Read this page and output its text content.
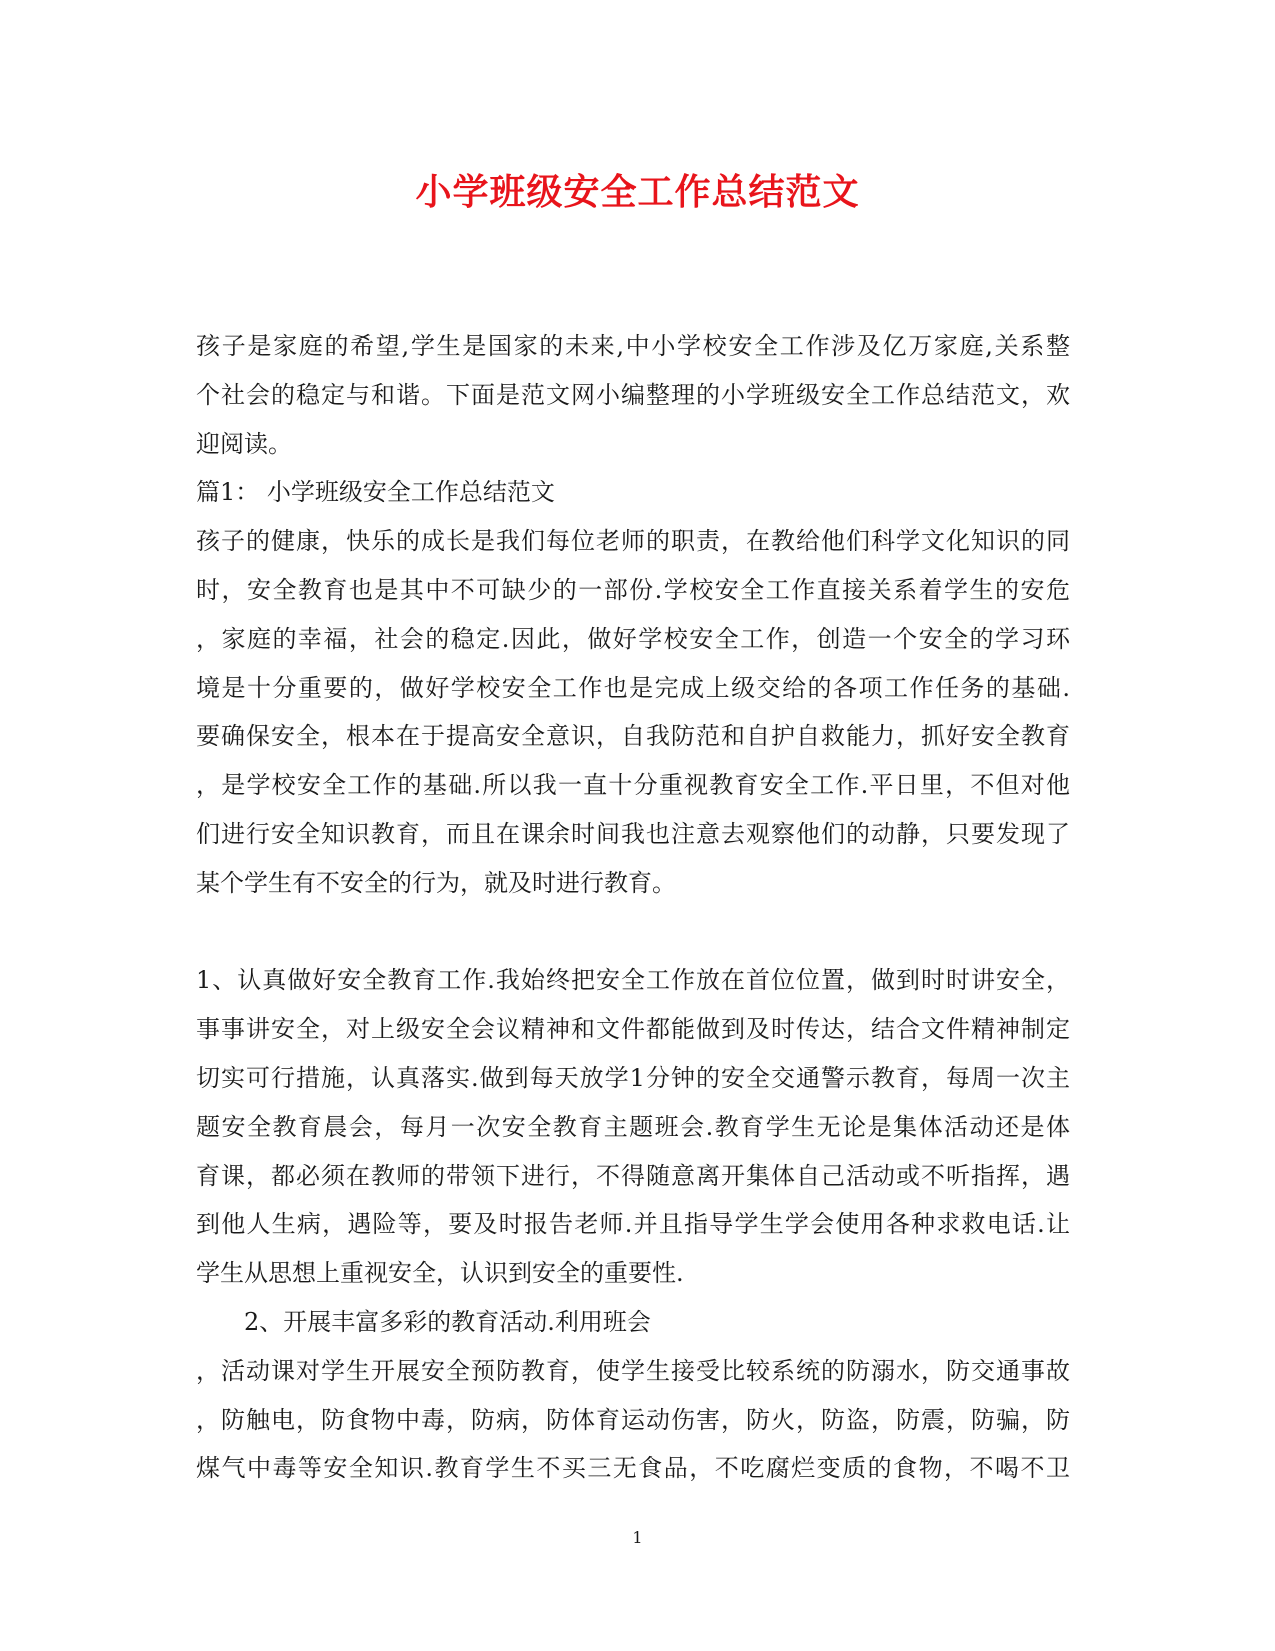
小学班级安全工作总结范文
孩子是家庭的希望,学生是国家的未来,中小学校安全工作涉及亿万家庭,关系整
个社会的稳定与和谐。下面是范文网小编整理的小学班级安全工作总结范文，欢
迎阅读。
篇1： 小学班级安全工作总结范文
孩子的健康，快乐的成长是我们每位老师的职责，在教给他们科学文化知识的同
时，安全教育也是其中不可缺少的一部份.学校安全工作直接关系着学生的安危
，家庭的幸福，社会的稳定.因此，做好学校安全工作，创造一个安全的学习环
境是十分重要的，做好学校安全工作也是完成上级交给的各项工作任务的基础.
要确保安全，根本在于提高安全意识，自我防范和自护自救能力，抓好安全教育
，是学校安全工作的基础.所以我一直十分重视教育安全工作.平日里，不但对他
们进行安全知识教育，而且在课余时间我也注意去观察他们的动静，只要发现了
某个学生有不安全的行为，就及时进行教育。
1、认真做好安全教育工作.我始终把安全工作放在首位位置，做到时时讲安全，
事事讲安全，对上级安全会议精神和文件都能做到及时传达，结合文件精神制定
切实可行措施，认真落实.做到每天放学1分钟的安全交通警示教育，每周一次主
题安全教育晨会，每月一次安全教育主题班会.教育学生无论是集体活动还是体
育课，都必须在教师的带领下进行，不得随意离开集体自己活动或不听指挥，遇
到他人生病，遇险等，要及时报告老师.并且指导学生学会使用各种求救电话.让
学生从思想上重视安全，认识到安全的重要性.
2、开展丰富多彩的教育活动.利用班会
，活动课对学生开展安全预防教育，使学生接受比较系统的防溺水，防交通事故
，防触电，防食物中毒，防病，防体育运动伤害，防火，防盗，防震，防骗，防
煤气中毒等安全知识.教育学生不买三无食品，不吃腐烂变质的食物，不喝不卫
1
